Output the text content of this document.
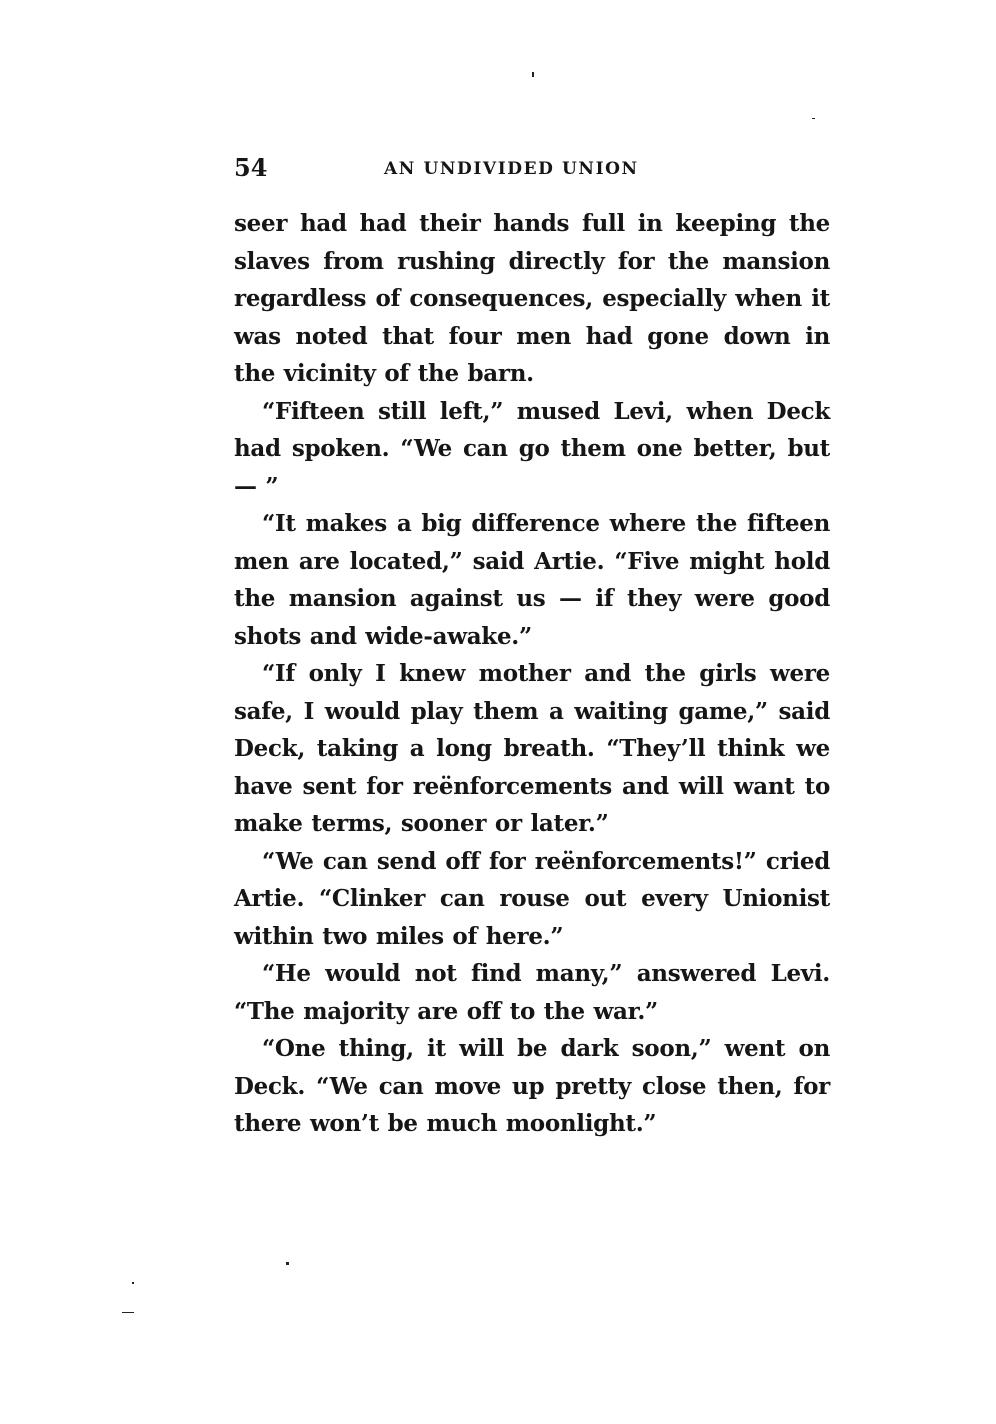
54	AN UNDIVIDED UNION

seer had had their hands full in keeping the slaves from rushing directly for the mansion regardless of consequences, especially when it was noted that four men had gone down in the vicinity of the barn.

“Fifteen still left,” mused Levi, when Deck had spoken. “We can go them one better, but — ”

“It makes a big difference where the fifteen men are located,” said Artie. “Five might hold the mansion against us — if they were good shots and wide-awake.”

“If only I knew mother and the girls were safe, I would play them a waiting game,” said Deck, taking a long breath. “They’ll think we have sent for reënforcements and will want to make terms, sooner or later.”

“We can send off for reënforcements!” cried Artie. “Clinker can rouse out every Unionist within two miles of here.”

“He would not find many,” answered Levi. “The majority are off to the war.”

“One thing, it will be dark soon,” went on Deck. “We can move up pretty close then, for there won’t be much moonlight.”
